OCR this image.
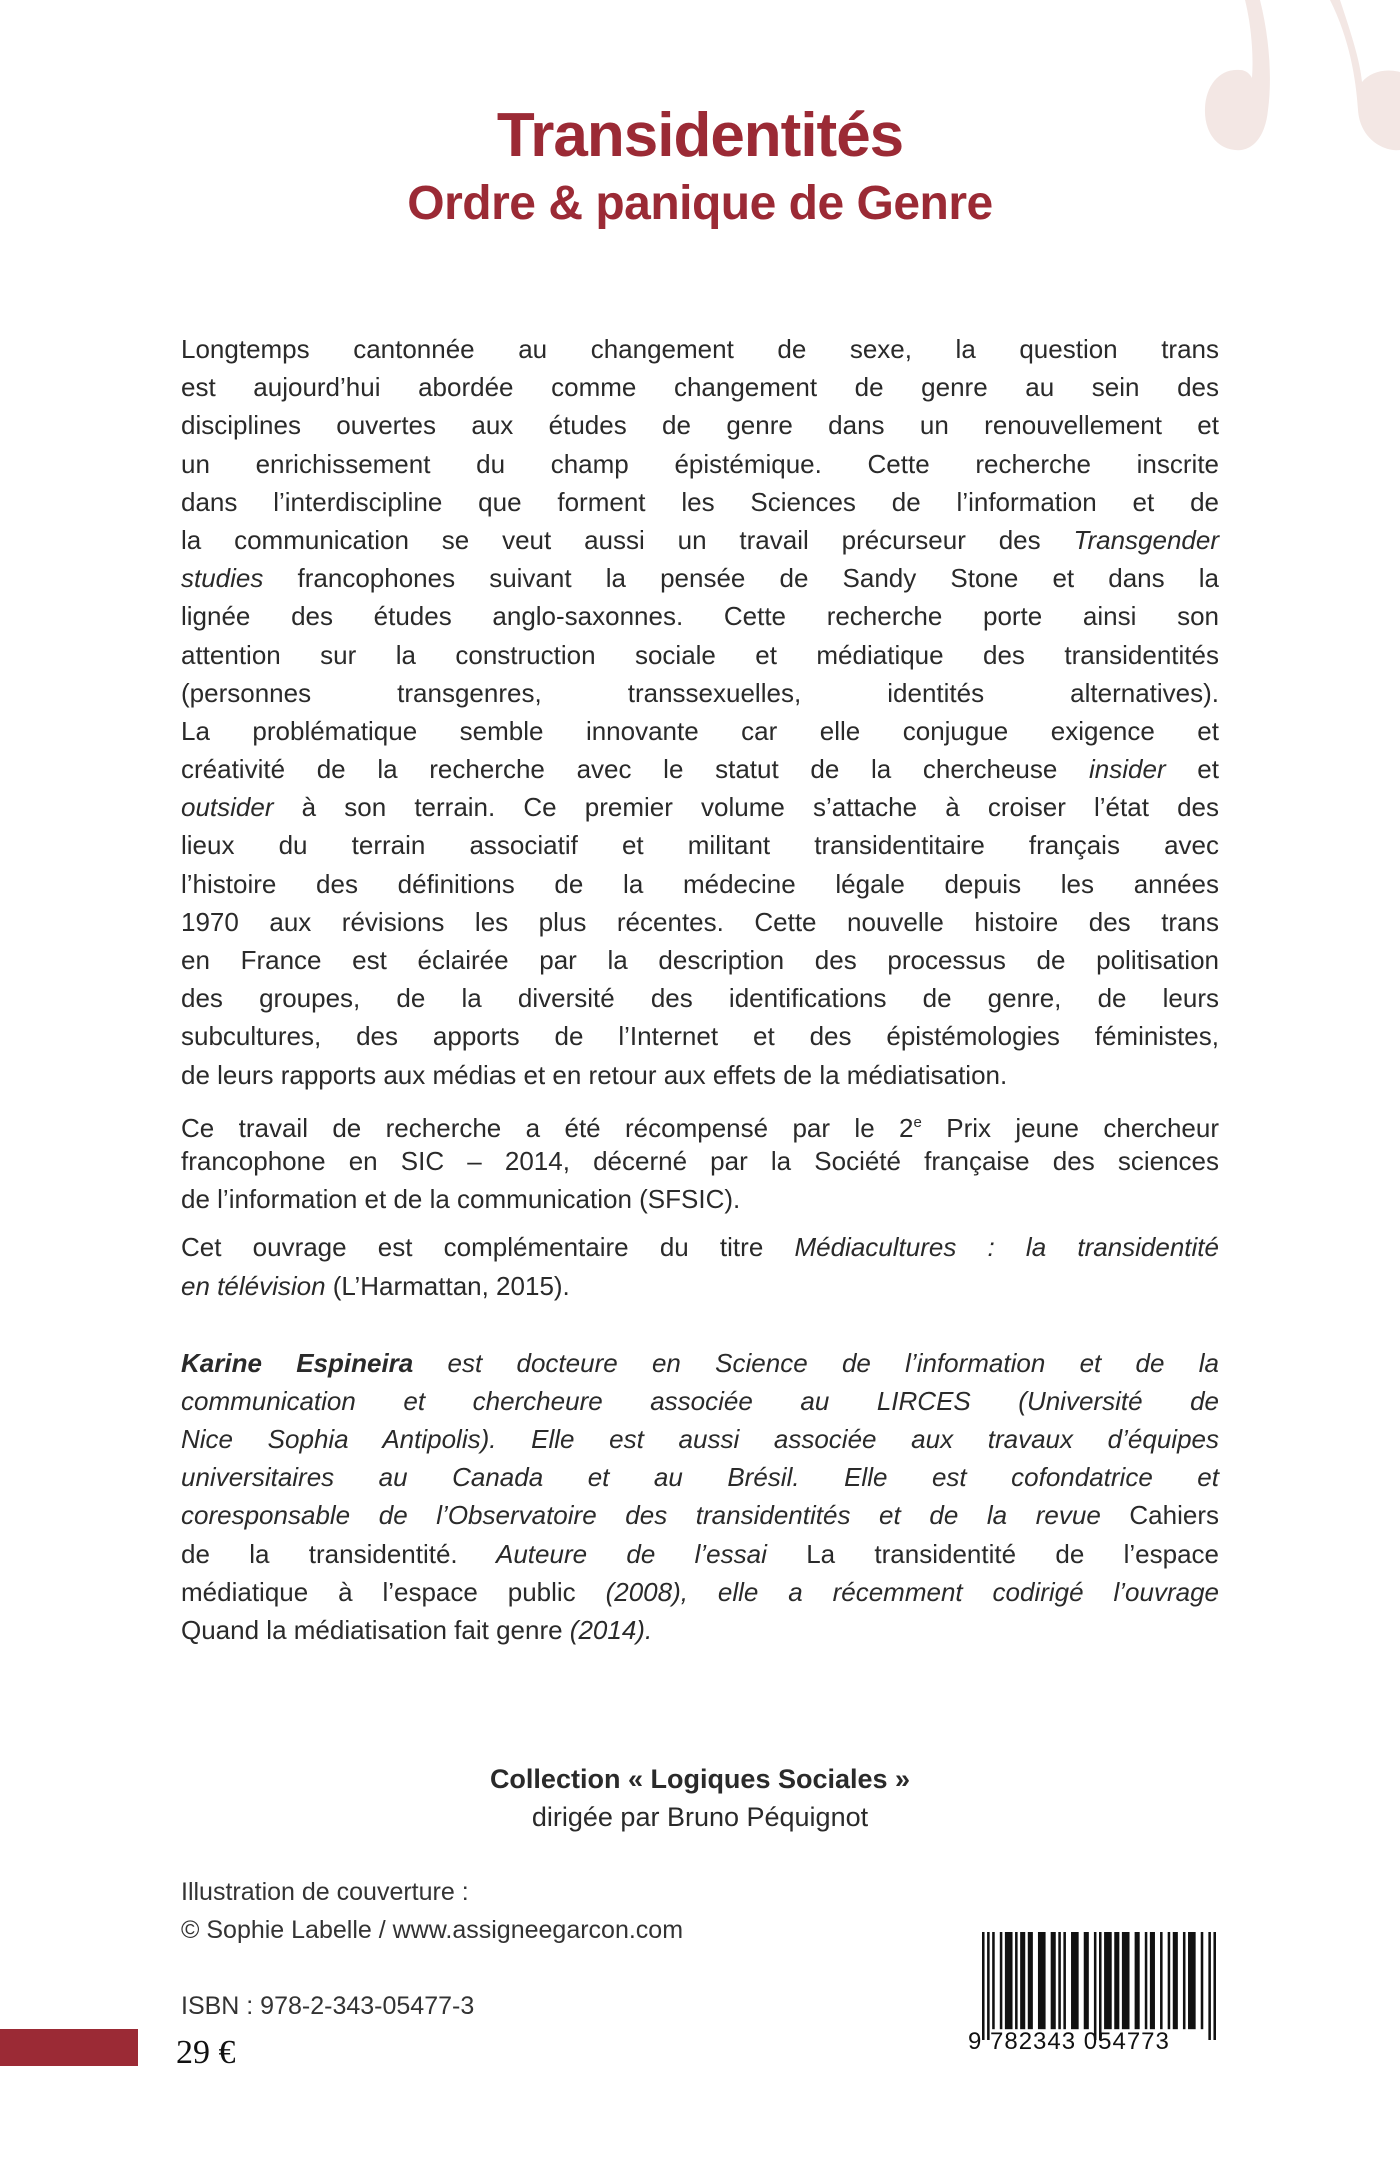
Transidentités
Ordre & panique de Genre
Longtemps cantonnée au changement de sexe, la question trans
est aujourd’hui abordée comme changement de genre au sein des
disciplines ouvertes aux études de genre dans un renouvellement et
un enrichissement du champ épistémique. Cette recherche inscrite
dans l’interdiscipline que forment les Sciences de l’information et de
la communication se veut aussi un travail précurseur des Transgender
studies francophones suivant la pensée de Sandy Stone et dans la
lignée des études anglo-saxonnes. Cette recherche porte ainsi son
attention sur la construction sociale et médiatique des transidentités
(personnes transgenres, transsexuelles, identités alternatives).
La problématique semble innovante car elle conjugue exigence et
créativité de la recherche avec le statut de la chercheuse insider et
outsider à son terrain. Ce premier volume s’attache à croiser l’état des
lieux du terrain associatif et militant transidentitaire français avec
l’histoire des définitions de la médecine légale depuis les années
1970 aux révisions les plus récentes. Cette nouvelle histoire des trans
en France est éclairée par la description des processus de politisation
des groupes, de la diversité des identifications de genre, de leurs
subcultures, des apports de l’Internet et des épistémologies féministes,
de leurs rapports aux médias et en retour aux effets de la médiatisation.
Ce travail de recherche a été récompensé par le 2e Prix jeune chercheur
francophone en SIC – 2014, décerné par la Société française des sciences
de l’information et de la communication (SFSIC).
Cet ouvrage est complémentaire du titre Médiacultures : la transidentité
en télévision (L’Harmattan, 2015).
Karine Espineira est docteure en Science de l’information et de la
communication et chercheure associée au LIRCES (Université de
Nice Sophia Antipolis). Elle est aussi associée aux travaux d’équipes
universitaires au Canada et au Brésil. Elle est cofondatrice et
coresponsable de l’Observatoire des transidentités et de la revue Cahiers
de la transidentité. Auteure de l’essai La transidentité de l’espace
médiatique à l’espace public (2008), elle a récemment codirigé l’ouvrage
Quand la médiatisation fait genre (2014).
Collection « Logiques Sociales »
dirigée par Bruno Péquignot
Illustration de couverture :
© Sophie Labelle / www.assigneegarcon.com
ISBN : 978-2-343-05477-3
29 €	9 782343 054773
